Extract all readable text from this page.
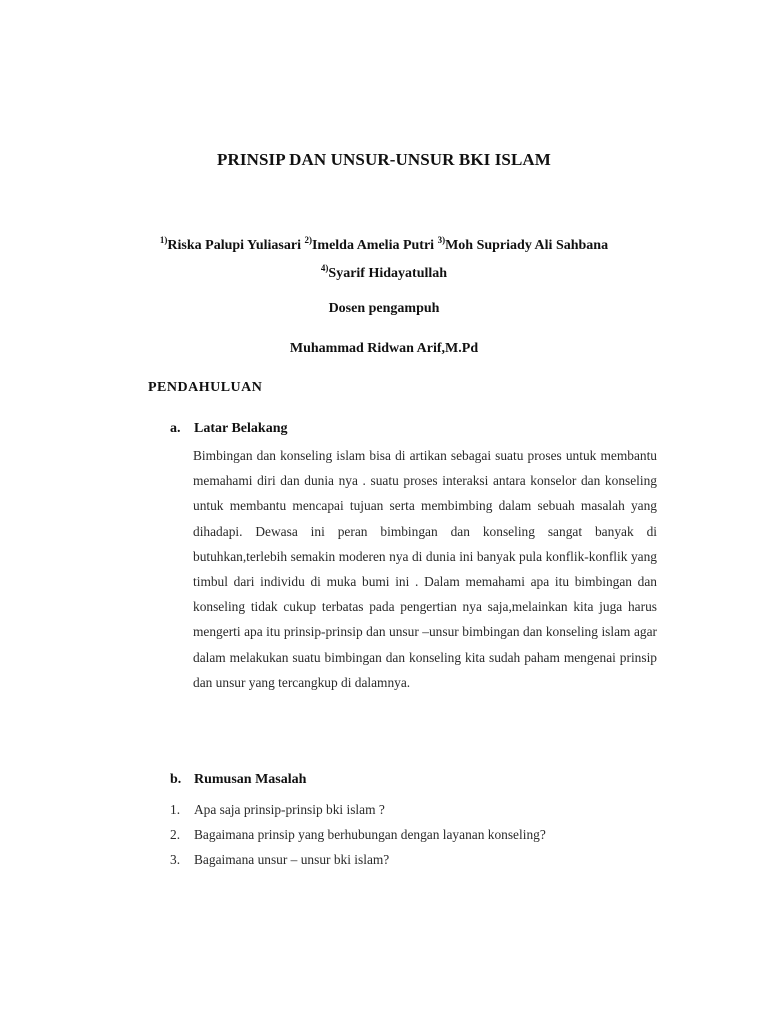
PRINSIP DAN UNSUR-UNSUR BKI ISLAM
$^{1)}$Riska Palupi Yuliasari $^{2)}$Imelda Amelia Putri $^{3)}$Moh Supriady Ali Sahbana
$^{4)}$Syarif Hidayatullah
Dosen pengampuh
Muhammad Ridwan Arif,M.Pd
PENDAHULUAN
a. Latar Belakang
Bimbingan dan konseling islam bisa di artikan sebagai suatu proses untuk membantu memahami diri dan dunia nya . suatu proses interaksi antara konselor dan konseling untuk membantu mencapai tujuan serta membimbing dalam sebuah masalah yang dihadapi. Dewasa ini peran bimbingan dan konseling sangat banyak di butuhkan,terlebih semakin moderen nya di dunia ini banyak pula konflik-konflik yang timbul dari individu di muka bumi ini . Dalam memahami apa itu bimbingan dan konseling tidak cukup terbatas pada pengertian nya saja,melainkan kita juga harus mengerti apa itu prinsip-prinsip dan unsur –unsur bimbingan dan konseling islam agar dalam melakukan suatu bimbingan dan konseling kita sudah paham mengenai prinsip dan unsur yang tercangkup di dalamnya.
b. Rumusan Masalah
1.	Apa saja prinsip-prinsip bki islam ?
2.	Bagaimana prinsip yang berhubungan dengan layanan konseling?
3.	Bagaimana unsur – unsur bki islam?
